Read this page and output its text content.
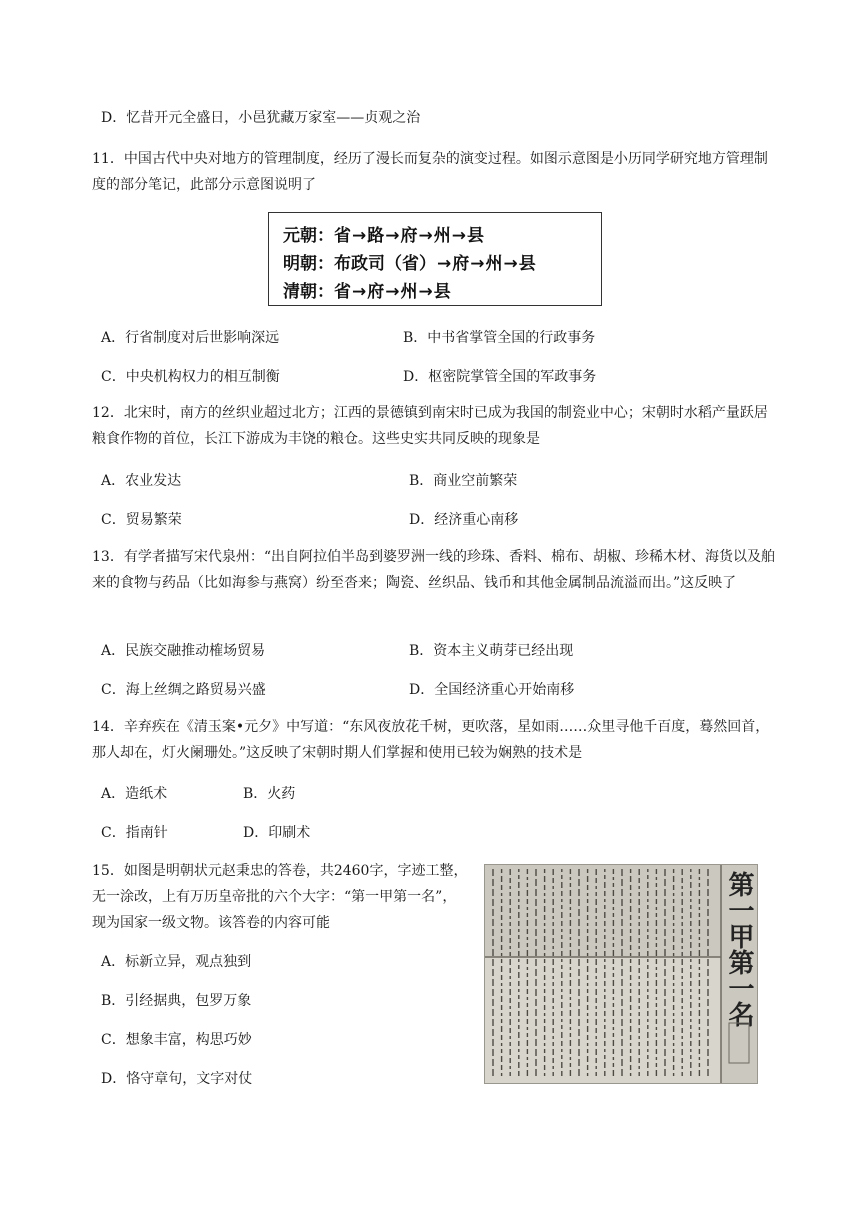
D．忆昔开元全盛日，小邑犹藏万家室——贞观之治
11．中国古代中央对地方的管理制度，经历了漫长而复杂的演变过程。如图示意图是小历同学研究地方管理制度的部分笔记，此部分示意图说明了
元朝：省→路→府→州→县
明朝：布政司（省）→府→州→县
清朝：省→府→州→县
A．行省制度对后世影响深远	B．中书省掌管全国的行政事务
C．中央机构权力的相互制衡	D．枢密院掌管全国的军政事务
12．北宋时，南方的丝织业超过北方；江西的景德镇到南宋时已成为我国的制瓷业中心；宋朝时水稻产量跃居粮食作物的首位，长江下游成为丰饶的粮仓。这些史实共同反映的现象是
A．农业发达	B．商业空前繁荣
C．贸易繁荣	D．经济重心南移
13．有学者描写宋代泉州：“出自阿拉伯半岛到婆罗洲一线的珍珠、香料、棉布、胡椒、珍稀木材、海货以及舶来的食物与药品（比如海参与燕窝）纷至沓来；陶瓷、丝织品、钱币和其他金属制品流溢而出。”这反映了
A．民族交融推动榷场贸易	B．资本主义萌芽已经出现
C．海上丝绸之路贸易兴盛	D．全国经济重心开始南移
14．辛弃疾在《清玉案•元夕》中写道：“东风夜放花千树，更吹落，星如雨……众里寻他千百度，蓦然回首，那人却在，灯火阑珊处。”这反映了宋朝时期人们掌握和使用已较为娴熟的技术是
A．造纸术	B．火药
C．指南针	D．印刷术
15．如图是明朝状元赵秉忠的答卷，共2460字，字迹工整，无一涂改，上有万历皇帝批的六个大字：“第一甲第一名”，现为国家一级文物。该答卷的内容可能
A．标新立异，观点独到
B．引经据典，包罗万象
C．想象丰富，构思巧妙
D．恪守章句，文字对仗
第一甲第一名
